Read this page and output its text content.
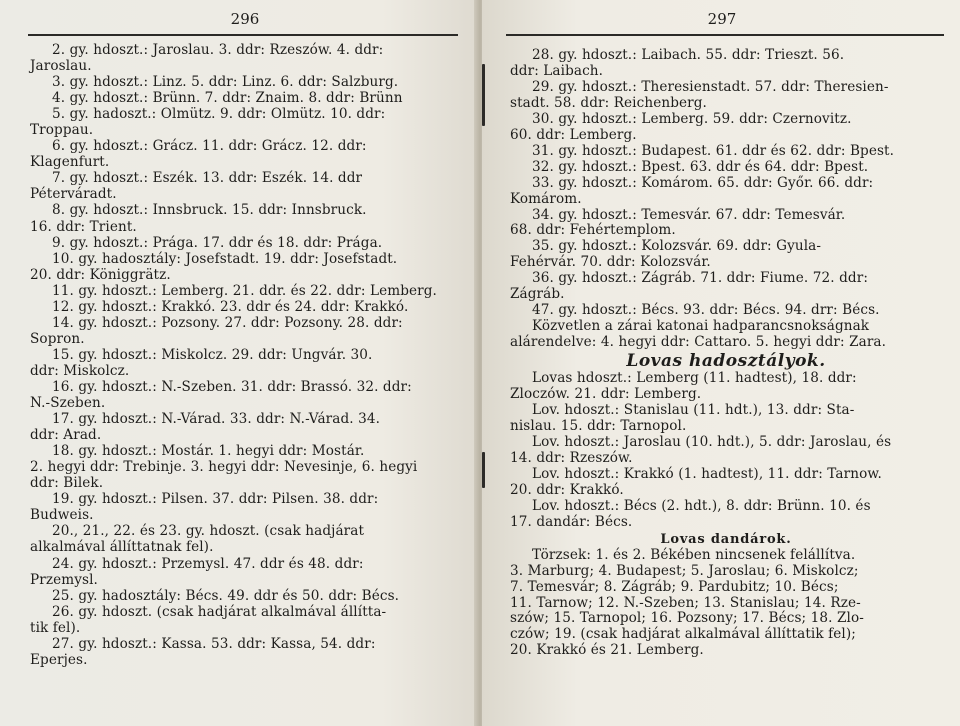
296
2. gy. hdoszt.: Jaroslau. 3. ddr: Rzeszów. 4. ddr:
Jaroslau.
3. gy. hdoszt.: Linz. 5. ddr: Linz. 6. ddr: Salzburg.
4. gy. hdoszt.: Brünn. 7. ddr: Znaim. 8. ddr: Brünn
5. gy. hadoszt.: Olmütz. 9. ddr: Olmütz. 10. ddr:
Troppau.
6. gy. hdoszt.: Grácz. 11. ddr: Grácz. 12. ddr:
Klagenfurt.
7. gy. hdoszt.: Eszék. 13. ddr: Eszék. 14. ddr
Péterváradt.
8. gy. hdoszt.: Innsbruck. 15. ddr: Innsbruck.
16. ddr: Trient.
9. gy. hdoszt.: Prága. 17. ddr és 18. ddr: Prága.
10. gy. hadosztály: Josefstadt. 19. ddr: Josefstadt.
20. ddr: Königgrätz.
11. gy. hdoszt.: Lemberg. 21. ddr. és 22. ddr: Lemberg.
12. gy. hdoszt.: Krakkó. 23. ddr és 24. ddr: Krakkó.
14. gy. hdoszt.: Pozsony. 27. ddr: Pozsony. 28. ddr:
Sopron.
15. gy. hdoszt.: Miskolcz. 29. ddr: Ungvár. 30.
ddr: Miskolcz.
16. gy. hdoszt.: N.-Szeben. 31. ddr: Brassó. 32. ddr:
N.-Szeben.
17. gy. hdoszt.: N.-Várad. 33. ddr: N.-Várad. 34.
ddr: Arad.
18. gy. hdoszt.: Mostár. 1. hegyi ddr: Mostár.
2. hegyi ddr: Trebinje. 3. hegyi ddr: Nevesinje, 6. hegyi
ddr: Bilek.
19. gy. hdoszt.: Pilsen. 37. ddr: Pilsen. 38. ddr:
Budweis.
20., 21., 22. és 23. gy. hdoszt. (csak hadjárat
alkalmával állíttatnak fel).
24. gy. hdoszt.: Przemysl. 47. ddr és 48. ddr:
Przemysl.
25. gy. hadosztály: Bécs. 49. ddr és 50. ddr: Bécs.
26. gy. hdoszt. (csak hadjárat alkalmával állítta-
tik fel).
27. gy. hdoszt.: Kassa. 53. ddr: Kassa, 54. ddr:
Eperjes.
297
28. gy. hdoszt.: Laibach. 55. ddr: Trieszt. 56.
ddr: Laibach.
29. gy. hdoszt.: Theresienstadt. 57. ddr: Theresien-
stadt. 58. ddr: Reichenberg.
30. gy. hdoszt.: Lemberg. 59. ddr: Czernovitz.
60. ddr: Lemberg.
31. gy. hdoszt.: Budapest. 61. ddr és 62. ddr: Bpest.
32. gy. hdoszt.: Bpest. 63. ddr és 64. ddr: Bpest.
33. gy. hdoszt.: Komárom. 65. ddr: Győr. 66. ddr:
Komárom.
34. gy. hdoszt.: Temesvár. 67. ddr: Temesvár.
68. ddr: Fehértemplom.
35. gy. hdoszt.: Kolozsvár. 69. ddr: Gyula-
Fehérvár. 70. ddr: Kolozsvár.
36. gy. hdoszt.: Zágráb. 71. ddr: Fiume. 72. ddr:
Zágráb.
47. gy. hdoszt.: Bécs. 93. ddr: Bécs. 94. drr: Bécs.
Közvetlen a zárai katonai hadparancsnokságnak
alárendelve: 4. hegyi ddr: Cattaro. 5. hegyi ddr: Zara.
Lovas hadosztályok.
Lovas hdoszt.: Lemberg (11. hadtest), 18. ddr:
Zloczów. 21. ddr: Lemberg.
Lov. hdoszt.: Stanislau (11. hdt.), 13. ddr: Sta-
nislau. 15. ddr: Tarnopol.
Lov. hdoszt.: Jaroslau (10. hdt.), 5. ddr: Jaroslau, és
14. ddr: Rzeszów.
Lov. hdoszt.: Krakkó (1. hadtest), 11. ddr: Tarnow.
20. ddr: Krakkó.
Lov. hdoszt.: Bécs (2. hdt.), 8. ddr: Brünn. 10. és
17. dandár: Bécs.
Lovas dandárok.
Törzsek: 1. és 2. Békében nincsenek felállítva.
3. Marburg; 4. Budapest; 5. Jaroslau; 6. Miskolcz;
7. Temesvár; 8. Zágráb; 9. Pardubitz; 10. Bécs;
11. Tarnow; 12. N.-Szeben; 13. Stanislau; 14. Rze-
szów; 15. Tarnopol; 16. Pozsony; 17. Bécs; 18. Zlo-
czów; 19. (csak hadjárat alkalmával állíttatik fel);
20. Krakkó és 21. Lemberg.
